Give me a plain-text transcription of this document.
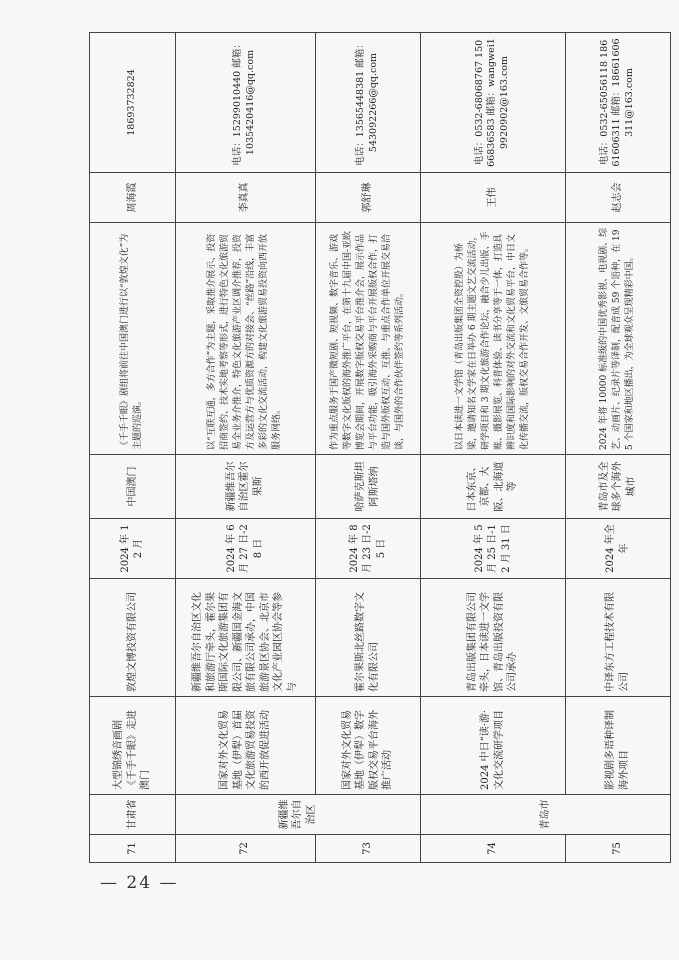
71	甘肃省	大型锦绣音画剧《千手千眼》走进澳门	敦煌文博投资有限公司	2024 年 12 月	中国澳门	《千手千眼》剧组将前往中国澳门进行以“敦煌文化”为主题的巡演。	周海霞	18693732824
72	新疆维吾尔自治区	国家对外文化贸易基地（伊犁）首届文化旅游贸易投资的西开放促进活动	新疆维吾尔自治区文化和旅游厅牵头，霍尔果斯国际文化旅游集团有限公司、新疆国金海文旅有限公司承办，中国旅游景区协会、北京市文化产业园区协会等参与	2024 年 6 月 27 日-28 日	新疆维吾尔自治区霍尔果斯	以“互联互通，多方合作”为主题，采取推介展示、投资招商签约、技术实地考察等形式，进行特色文化旅游贸易全业务介推介，特色文化旅游产业区调介推荐，投资方及运营方与优质资源方的对接会、“丝路”沿线，丰富多彩的文化交流活动，构建文化旅游贸易投资向西开放服务网络。	李真真	电话：15299010440 邮箱：1035420416@qq.com
73		国家对外文化贸易基地（伊犁）数字版权交易平台海外推广活动	霍尔果斯北丝路数字文化有限公司	2024 年 8 月 23 日-25 日	哈萨克斯坦阿斯塔纳	作为重点服务于国产微短剧、短视频、数字音乐、游戏等数字文化版权的海外推广平台，在第十九届中国-亚欧博览会期间，开展数字版权交易平台推介会，展示作品与平台功能，吸引海外采购商与平台开展版权合作，打造与国外版权互动、互推、与重点合作单位开展交易洽谈，与国外的合作伙伴签约等系列活动。	郭舒琳	电话：13565448381 邮箱：543092266@qq.com
74	青岛市	2024 中日“读·游·文化交流研学项目	青岛出版集团有限公司牵头，日本读进一文学馆、青岛出版投资有限公司承办	2024 年 5 月 25 日-12 月 31 日	日本东京、京都、大阪、北海道等	以日本读进一文学馆（青岛出版集团全资控股）为桥梁，邀请知名文学家在日举办 6 期主题文艺交流活动，研学项目和 3 期文化旅游合作论坛，融合少儿出版、手账、摄影展览、科普体验、读书分享等于一体，打造具辨识度和国际影响的对外交流和文化贸易平台，中日文化传播交流，版权交易合作开发、文旅贸易合作等。	王伟	电话：0532-68068767 15066836583 邮箱：wangwei19920902@163.com
75		影视剧多语种译制海外项目	中译东方工程技术有限公司	2024 年全年	青岛市及全球多个海外城市	2024 年将 10000 标准级的中国优秀影视、电视剧、综艺、动画片、纪录片等译制，配音成 59 个语种，在 195 个国家和地区播出，为全球观众呈现精彩中国。	赵志会	电话：0532-65056118 18661606311 邮箱：18661606311@163.com
— 24 —
